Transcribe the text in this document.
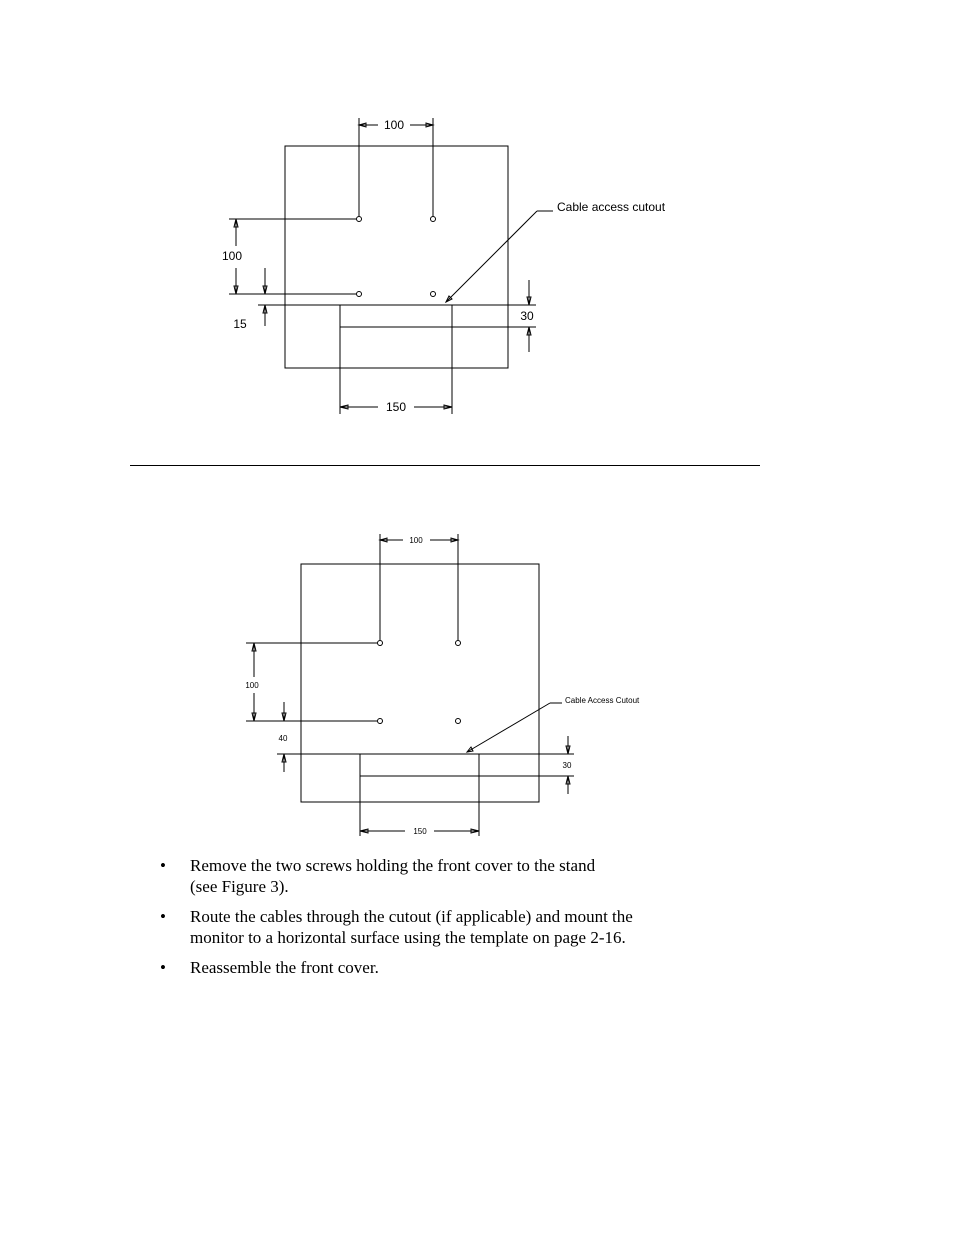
100
100
15
30
150
Cable access cutout
100
100
40
30
150
Cable Access Cutout
• Remove the two screws holding the front cover to the stand
(see Figure 3).
• Route the cables through the cutout (if applicable) and mount the
monitor to a horizontal surface using the template on page 2-16.
• Reassemble the front cover.
